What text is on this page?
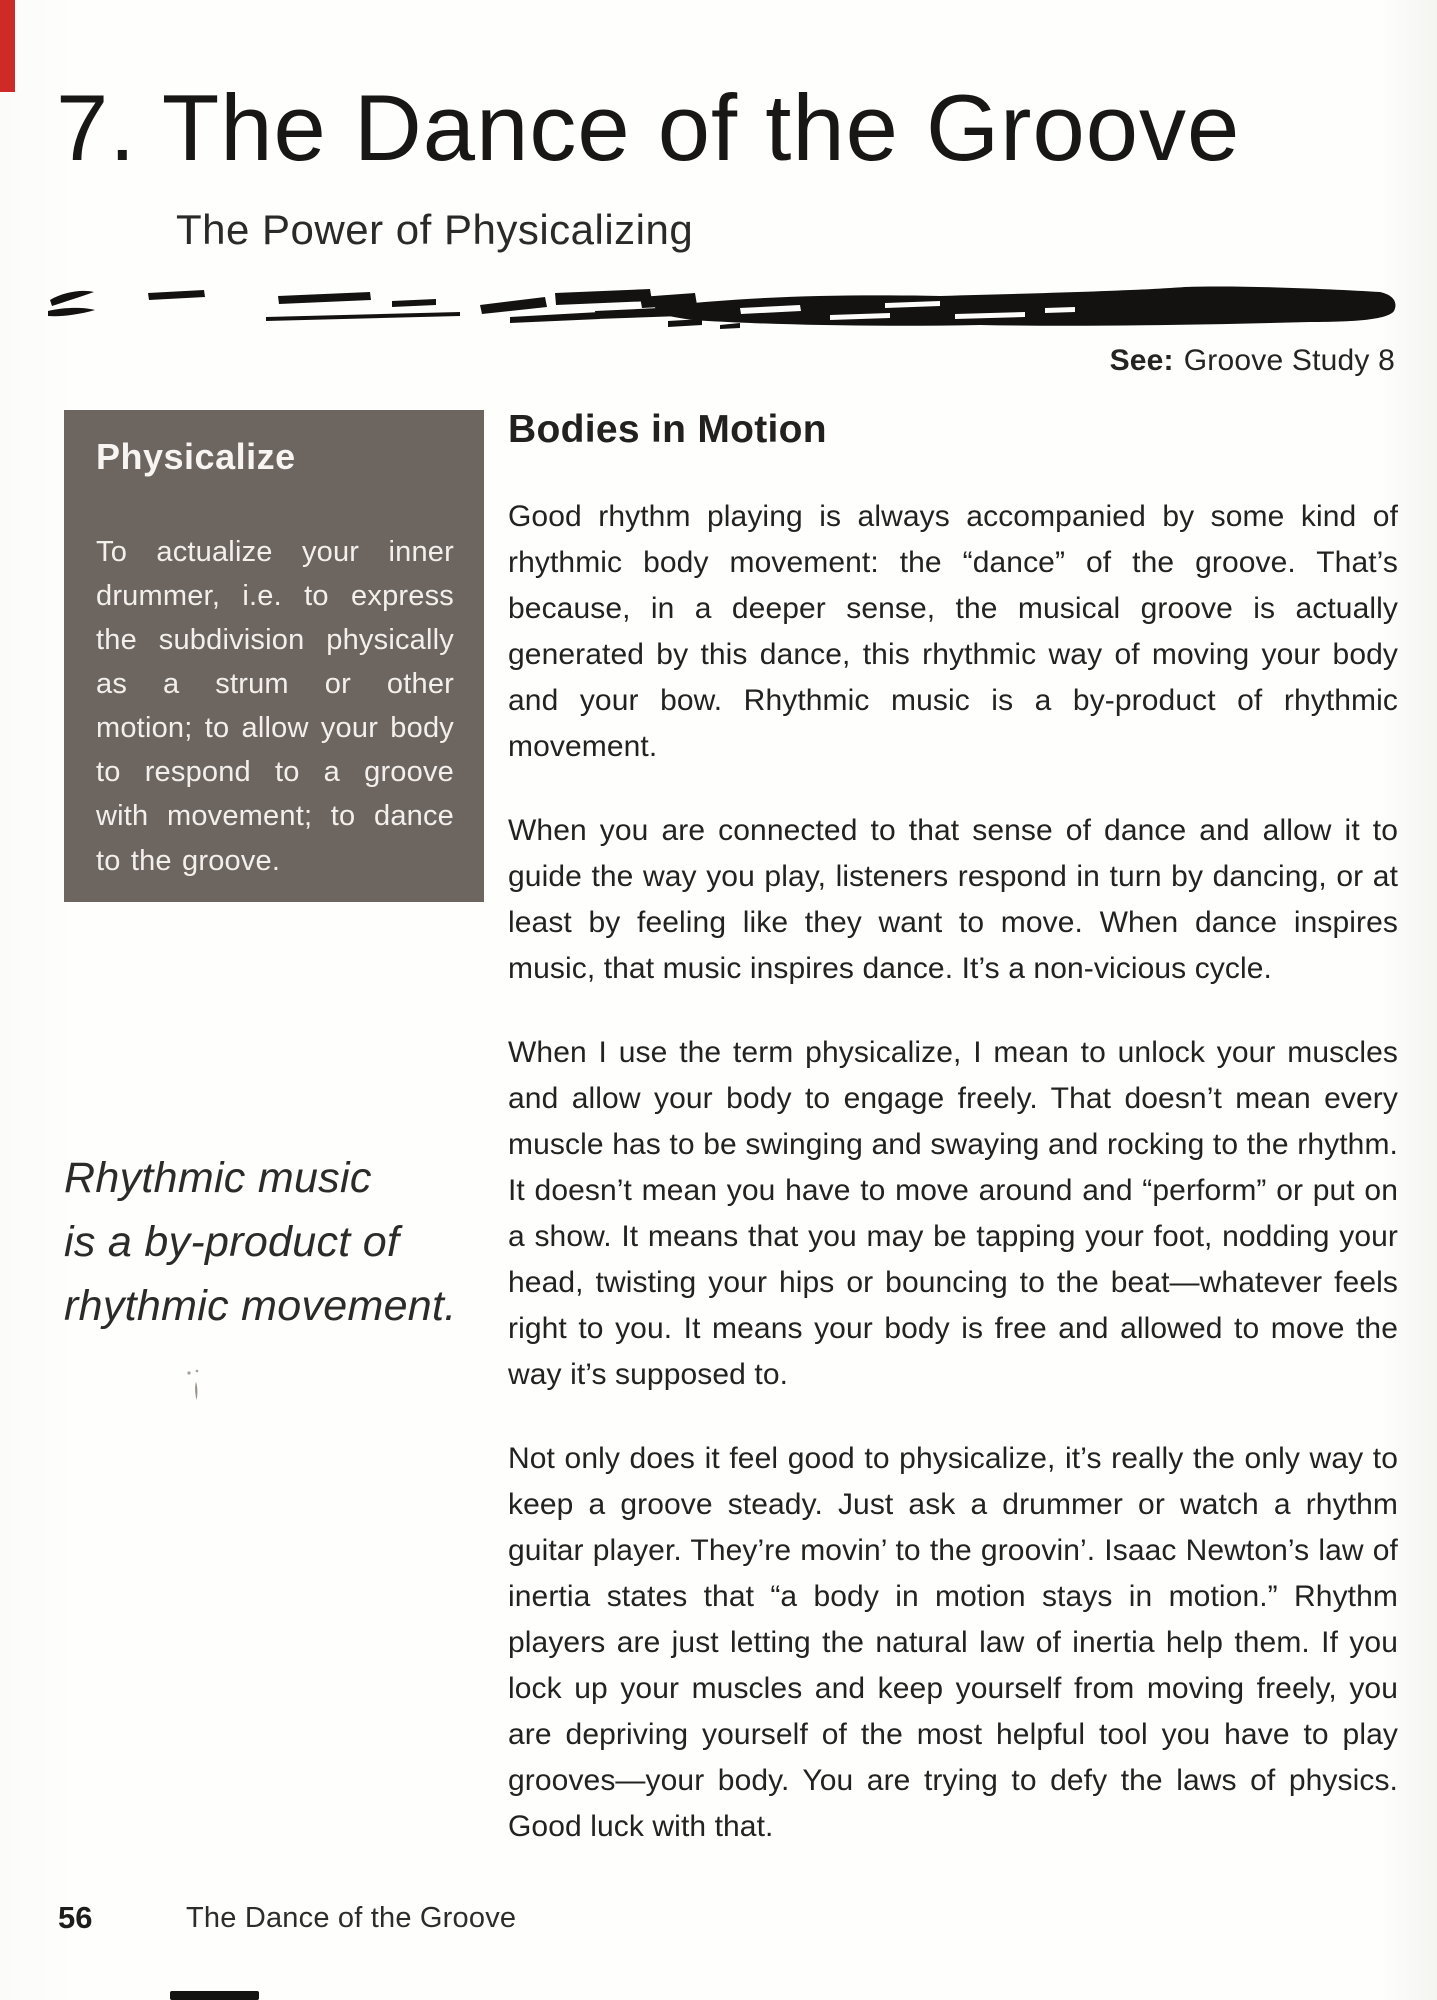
7. The Dance of the Groove
The Power of Physicalizing
See: Groove Study 8
Physicalize

To actualize your inner drummer, i.e. to express the subdivision physically as a strum or other motion; to allow your body to respond to a groove with movement; to dance to the groove.

Rhythmic music
is a by-product of
rhythmic movement.
Bodies in Motion

Good rhythm playing is always accompanied by some kind of rhythmic body movement: the “dance” of the groove. That’s because, in a deeper sense, the musical groove is actually generated by this dance, this rhythmic way of moving your body and your bow. Rhythmic music is a by-product of rhythmic movement.

When you are connected to that sense of dance and allow it to guide the way you play, listeners respond in turn by dancing, or at least by feeling like they want to move. When dance inspires music, that music inspires dance. It’s a non-vicious cycle.

When I use the term physicalize, I mean to unlock your muscles and allow your body to engage freely. That doesn’t mean every muscle has to be swinging and swaying and rocking to the rhythm. It doesn’t mean you have to move around and “perform” or put on a show. It means that you may be tapping your foot, nodding your head, twisting your hips or bouncing to the beat—whatever feels right to you. It means your body is free and allowed to move the way it’s supposed to.

Not only does it feel good to physicalize, it’s really the only way to keep a groove steady. Just ask a drummer or watch a rhythm guitar player. They’re movin’ to the groovin’. Isaac Newton’s law of inertia states that “a body in motion stays in motion.” Rhythm players are just letting the natural law of inertia help them. If you lock up your muscles and keep yourself from moving freely, you are depriving yourself of the most helpful tool you have to play grooves—your body. You are trying to defy the laws of physics. Good luck with that.

56	The Dance of the Groove
